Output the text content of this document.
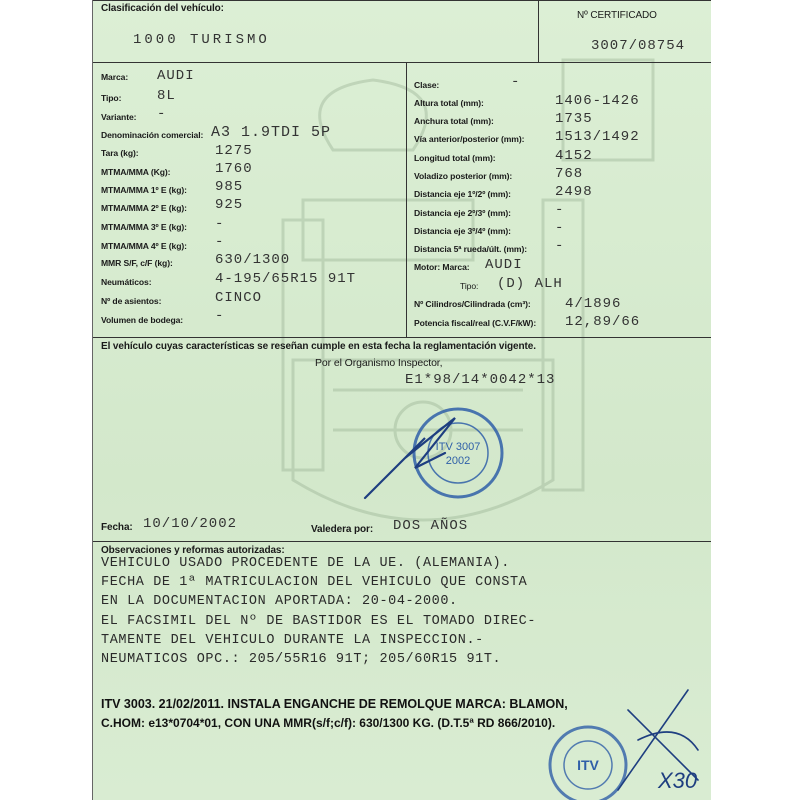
Clasificación del vehículo:
1000 TURISMO
Nº CERTIFICADO
3007/08754
Marca: AUDI
Tipo:	8L
Variante: -
Denominación comercial: A3 1.9TDI 5P
Tara (kg):	1275
MTMA/MMA (Kg):	1760
MTMA/MMA 1º E (kg): 985
MTMA/MMA 2º E (kg): 925
MTMA/MMA 3º E (kg): -
MTMA/MMA 4º E (kg): -
MMR S/F, c/F (kg):	630/1300
Neumáticos:	4-195/65R15 91T
Nº de asientos:	CINCO
Volumen de bodega: -
Clase:	-
Altura total (mm):	1406-1426
Anchura total (mm):	1735
Vía anterior/posterior (mm): 1513/1492
Longitud total (mm):	4152
Voladizo posterior (mm):	768
Distancia eje 1º/2º (mm):	2498
Distancia eje 2º/3º (mm):	-
Distancia eje 3º/4º (mm):	-
Distancia 5ª rueda/últ. (mm): -
Motor: Marca: AUDI
Tipo: (D) ALH
Nº Cilindros/Cilindrada (cm³): 4/1896
Potencia fiscal/real (C.V.F/kW): 12,89/66
El vehículo cuyas características se reseñan cumple en esta fecha la reglamentación vigente.
Por el Organismo Inspector,
E1*98/14*0042*13
ITV 3007
2002
Fecha: 10/10/2002	Valedera por: DOS AÑOS
Observaciones y reformas autorizadas:
VEHICULO USADO PROCEDENTE DE LA UE. (ALEMANIA).
FECHA DE 1ª MATRICULACION DEL VEHICULO QUE CONSTA
EN LA DOCUMENTACION APORTADA: 20-04-2000.
EL FACSIMIL DEL Nº DE BASTIDOR ES EL TOMADO DIREC-
TAMENTE DEL VEHICULO DURANTE LA INSPECCION.-
NEUMATICOS OPC.: 205/55R16 91T; 205/60R15 91T.
ITV 3003. 21/02/2011. INSTALA ENGANCHE DE REMOLQUE MARCA: BLAMON,
C.HOM: e13*0704*01, CON UNA MMR(s/f;c/f): 630/1300 KG. (D.T.5ª RD 866/2010).
ITV
X30
